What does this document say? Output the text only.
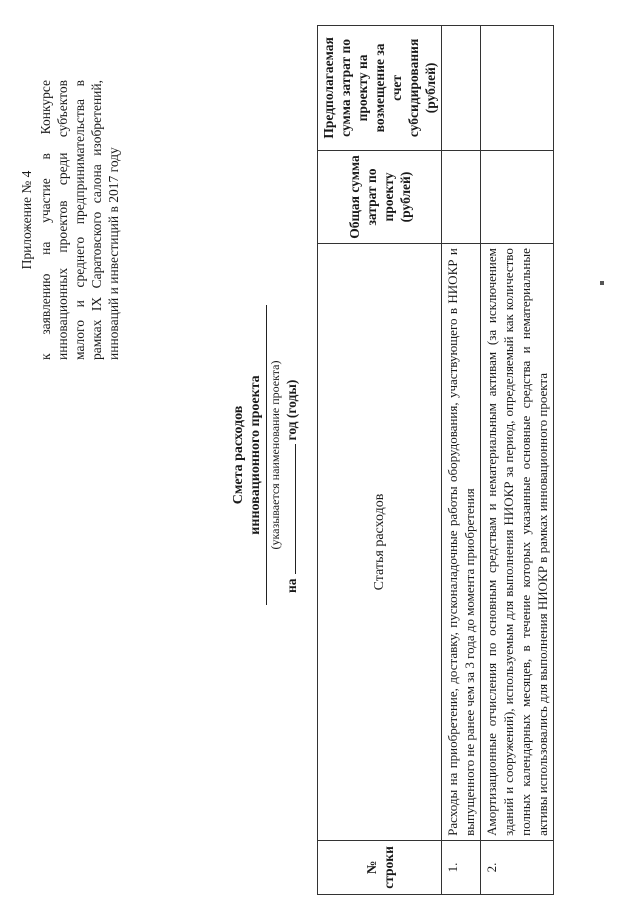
Приложение № 4 к заявлению на участие в Конкурсе инновационных проектов среди субъектов малого и среднего предпринимательства в рамках IX Саратовского салона изобретений, инноваций и инвестиций в 2017 году
Смета расходов инновационного проекта (указывается наименование проекта)
нагод (годы)
№ строки	Статья расходов	Общая сумма затрат по проекту (рублей)	Предполагаемая сумма затрат по проекту на возмещение за счет субсидирования (рублей)
1.	Расходы на приобретение, доставку, пусконаладочные работы оборудования, участвующего в НИОКР и выпущенного не ранее чем за 3 года до момента приобретения		
2.	Амортизационные отчисления по основным средствам и нематериальным активам (за исключением зданий и сооружений), используемым для выполнения НИОКР за период, определяемый как количество полных календарных месяцев, в течение которых указанные основные средства и нематериальные активы использовались для выполнения НИОКР в рамках инновационного проекта		
